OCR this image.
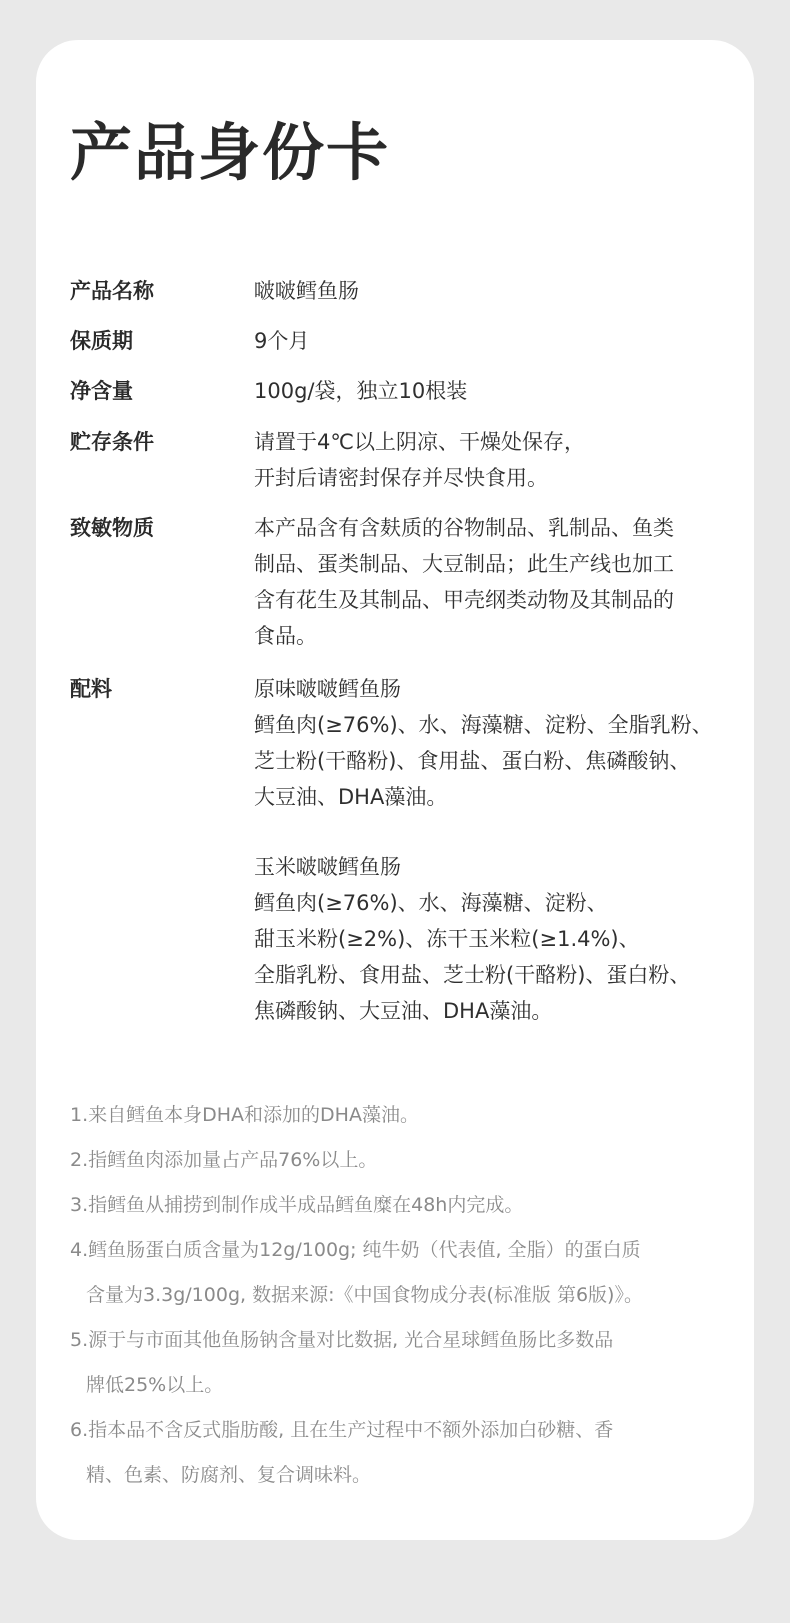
产品身份卡
产品名称	啵啵鳕鱼肠
保质期	9个月
净含量	100g/袋，独立10根装
贮存条件	请置于4℃以上阴凉、干燥处保存，
开封后请密封保存并尽快食用。
致敏物质	本产品含有含麸质的谷物制品、乳制品、鱼类
制品、蛋类制品、大豆制品；此生产线也加工
含有花生及其制品、甲壳纲类动物及其制品的
食品。
配料	原味啵啵鳕鱼肠
鳕鱼肉(≥76%)、水、海藻糖、淀粉、全脂乳粉、
芝士粉(干酪粉)、食用盐、蛋白粉、焦磷酸钠、
大豆油、DHA藻油。
玉米啵啵鳕鱼肠
鳕鱼肉(≥76%)、水、海藻糖、淀粉、
甜玉米粉(≥2%)、冻干玉米粒(≥1.4%)、
全脂乳粉、食用盐、芝士粉(干酪粉)、蛋白粉、
焦磷酸钠、大豆油、DHA藻油。
1.来自鳕鱼本身DHA和添加的DHA藻油。
2.指鳕鱼肉添加量占产品76%以上。
3.指鳕鱼从捕捞到制作成半成品鳕鱼糜在48h内完成。
4.鳕鱼肠蛋白质含量为12g/100g; 纯牛奶（代表值, 全脂）的蛋白质
含量为3.3g/100g, 数据来源:《中国食物成分表(标准版 第6版)》。
5.源于与市面其他鱼肠钠含量对比数据, 光合星球鳕鱼肠比多数品
牌低25%以上。
6.指本品不含反式脂肪酸, 且在生产过程中不额外添加白砂糖、香
精、色素、防腐剂、复合调味料。
